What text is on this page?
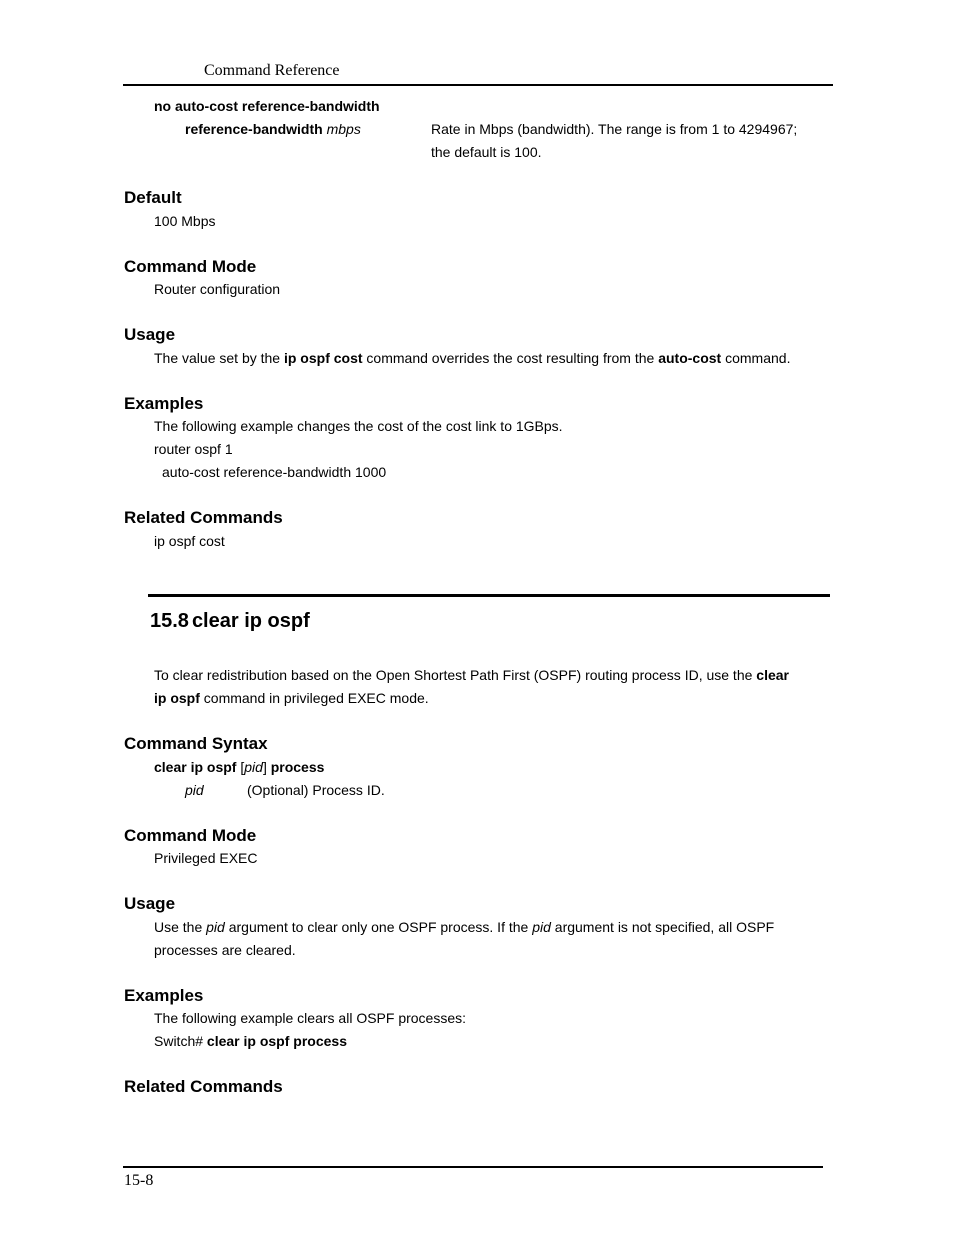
Command Reference
no auto-cost reference-bandwidth
reference-bandwidth mbps	Rate in Mbps (bandwidth). The range is from 1 to 4294967;
the default is 100.
Default
100 Mbps
Command Mode
Router configuration
Usage
The value set by the ip ospf cost command overrides the cost resulting from the auto-cost command.
Examples
The following example changes the cost of the cost link to 1GBps.
router ospf 1
auto-cost reference-bandwidth 1000
Related Commands
ip ospf cost
15.8 clear ip ospf
To clear redistribution based on the Open Shortest Path First (OSPF) routing process ID, use the clear
ip ospf command in privileged EXEC mode.
Command Syntax
clear ip ospf [pid] process
pid	(Optional) Process ID.
Command Mode
Privileged EXEC
Usage
Use the pid argument to clear only one OSPF process. If the pid argument is not specified, all OSPF
processes are cleared.
Examples
The following example clears all OSPF processes:
Switch# clear ip ospf process
Related Commands
15-8
